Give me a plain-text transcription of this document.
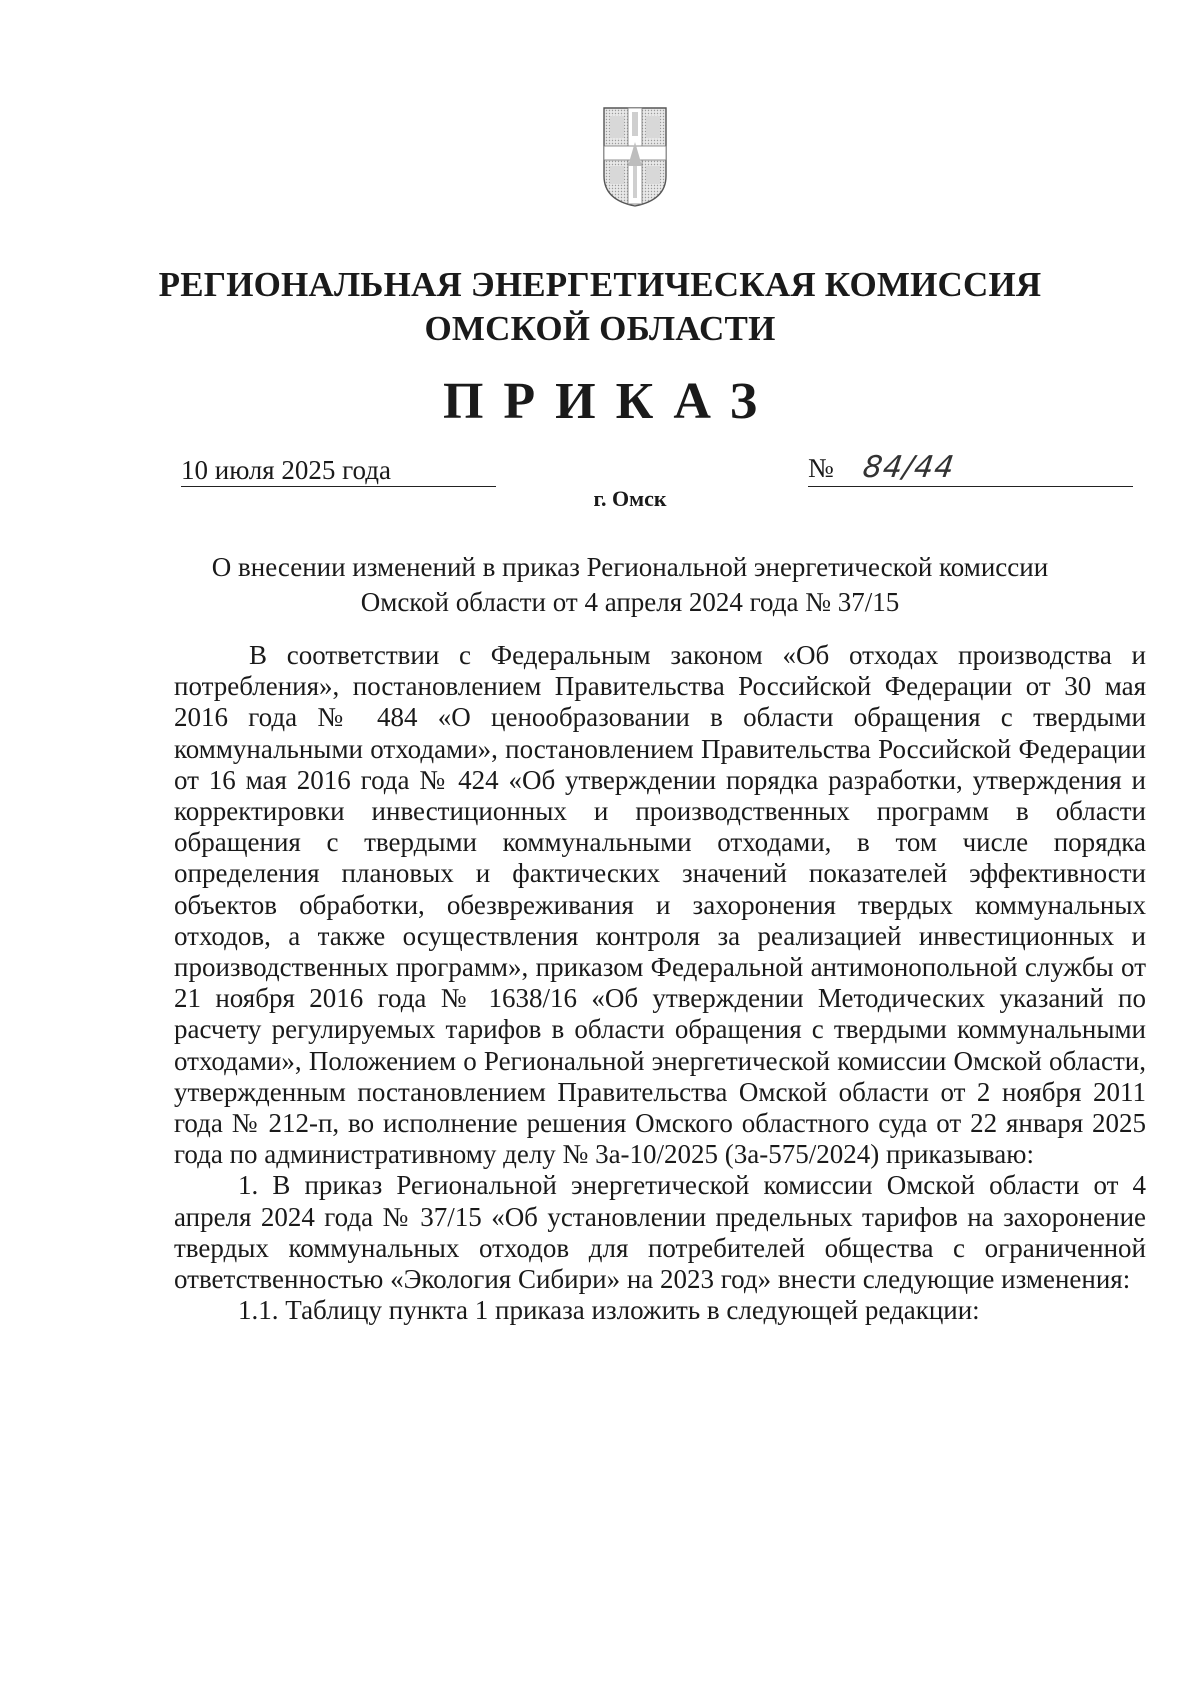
РЕГИОНАЛЬНАЯ ЭНЕРГЕТИЧЕСКАЯ КОМИССИЯ
ОМСКОЙ ОБЛАСТИ
ПРИКАЗ
10 июля 2025 года	№ 84/44
г. Омск
О внесении изменений в приказ Региональной энергетической комиссии
Омской области от 4 апреля 2024 года № 37/15

В соответствии с Федеральным законом «Об отходах производства и потребления», постановлением Правительства Российской Федерации от 30 мая 2016 года № 484 «О ценообразовании в области обращения с твердыми коммунальными отходами», постановлением Правительства Российской Федерации от 16 мая 2016 года № 424 «Об утверждении порядка разработки, утверждения и корректировки инвестиционных и производственных программ в области обращения с твердыми коммунальными отходами, в том числе порядка определения плановых и фактических значений показателей эффективности объектов обработки, обезвреживания и захоронения твердых коммунальных отходов, а также осуществления контроля за реализацией инвестиционных и производственных программ», приказом Федеральной антимонопольной службы от 21 ноября 2016 года № 1638/16 «Об утверждении Методических указаний по расчету регулируемых тарифов в области обращения с твердыми коммунальными отходами», Положением о Региональной энергетической комиссии Омской области, утвержденным постановлением Правительства Омской области от 2 ноября 2011 года № 212-п, во исполнение решения Омского областного суда от 22 января 2025 года по административному делу № 3а-10/2025 (3а-575/2024) приказываю:

1. В приказ Региональной энергетической комиссии Омской области от 4 апреля 2024 года № 37/15 «Об установлении предельных тарифов на захоронение твердых коммунальных отходов для потребителей общества с ограниченной ответственностью «Экология Сибири» на 2023 год» внести следующие изменения:

1.1. Таблицу пункта 1 приказа изложить в следующей редакции:
